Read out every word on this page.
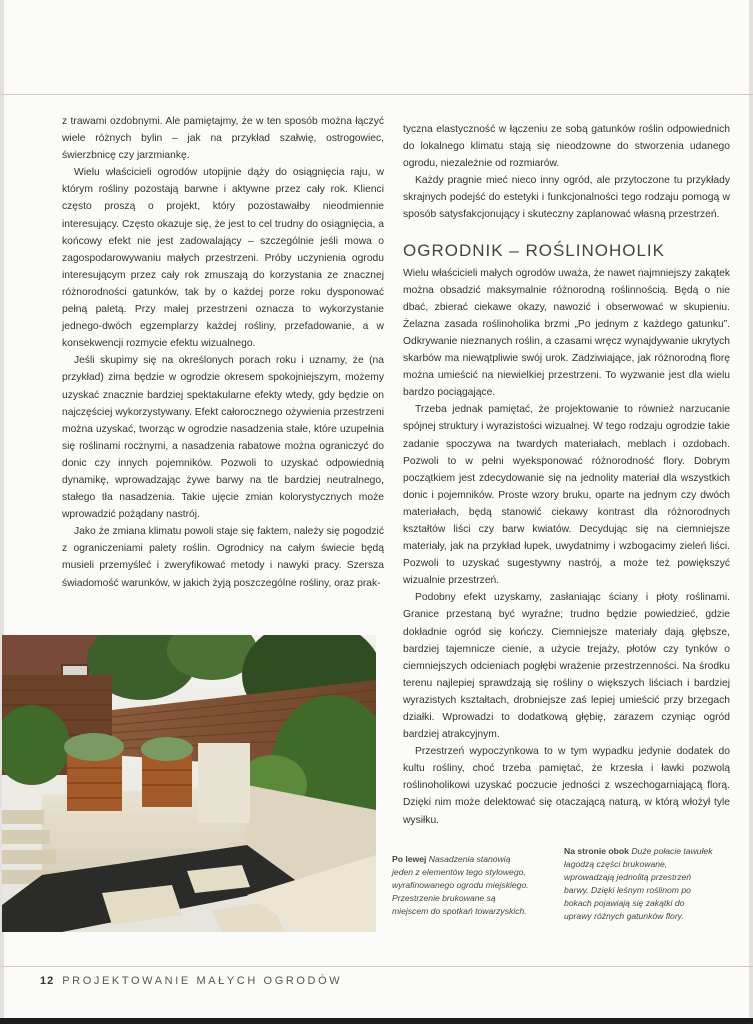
z trawami ozdobnymi. Ale pamiętajmy, że w ten sposób można łączyć wiele różnych bylin – jak na przykład szałwię, ostrogowiec, świerzbnicę czy jarzmiankę.

Wielu właścicieli ogrodów utopijnie dąży do osiągnięcia raju, w którym rośliny pozostają barwne i aktywne przez cały rok. Klienci często proszą o projekt, który pozostawałby nieodmiennie interesujący. Często okazuje się, że jest to cel trudny do osiągnięcia, a końcowy efekt nie jest zadowalający – szczególnie jeśli mowa o zagospodarowywaniu małych przestrzeni. Próby uczynienia ogrodu interesującym przez cały rok zmuszają do korzystania ze znacznej różnorodności gatunków, tak by o każdej porze roku dysponować pełną paletą. Przy małej przestrzeni oznacza to wykorzystanie jednego-dwóch egzemplarzy każdej rośliny, przefadowanie, a w konsekwencji rozmycie efektu wizualnego.

Jeśli skupimy się na określonych porach roku i uznamy, że (na przykład) zima będzie w ogrodzie okresem spokojniejszym, możemy uzyskać znacznie bardziej spektakularne efekty wtedy, gdy będzie on najczęściej wykorzystywany. Efekt całorocznego ożywienia przestrzeni można uzyskać, tworząc w ogrodzie nasadzenia stałe, które uzupełnia się roślinami rocznymi, a nasadzenia rabatowe można ograniczyć do donic czy innych pojemników. Pozwoli to uzyskać odpowiednią dynamikę, wprowadzając żywe barwy na tle bardziej neutralnego, stałego tła nasadzenia. Takie ujęcie zmian kolorystycznych może wprowadzić pożądany nastrój.

Jako że zmiana klimatu powoli staje się faktem, należy się pogodzić z ograniczeniami palety roślin. Ogrodnicy na całym świecie będą musieli przemyśleć i zweryfikować metody i nawyki pracy. Szersza świadomość warunków, w jakich żyją poszczególne rośliny, oraz prak-

tyczna elastyczność w łączeniu ze sobą gatunków roślin odpowiednich do lokalnego klimatu stają się nieodzowne do stworzenia udanego ogrodu, niezależnie od rozmiarów.

Każdy pragnie mieć nieco inny ogród, ale przytoczone tu przykłady skrajnych podejść do estetyki i funkcjonalności tego rodzaju pomogą w sposób satysfakcjonujący i skuteczny zaplanować własną przestrzeń.

OGRODNIK – ROŚLINOHOLIK

Wielu właścicieli małych ogrodów uważa, że nawet najmniejszy zakątek można obsadzić maksymalnie różnorodną roślinnością. Będą o nie dbać, zbierać ciekawe okazy, nawozić i obserwować w skupieniu. Żelazna zasada roślinoholika brzmi „Po jednym z każdego gatunku”. Odkrywanie nieznanych roślin, a czasami wręcz wynajdywanie ukrytych skarbów ma niewątpliwie swój urok. Zadziwiające, jak różnorodną florę można umieścić na niewielkiej przestrzeni. To wyzwanie jest dla wielu bardzo pociągające.

Trzeba jednak pamiętać, że projektowanie to również narzucanie spójnej struktury i wyrazistości wizualnej. W tego rodzaju ogrodzie takie zadanie spoczywa na twardych materiałach, meblach i ozdobach. Pozwoli to w pełni wyeksponować różnorodność flory. Dobrym początkiem jest zdecydowanie się na jednolity materiał dla wszystkich donic i pojemników. Proste wzory bruku, oparte na jednym czy dwóch materiałach, będą stanowić ciekawy kontrast dla różnorodnych kształtów liści czy barw kwiatów. Decydując się na ciemniejsze materiały, jak na przykład łupek, uwydatnimy i wzbogacimy zieleń liści. Pozwoli to uzyskać sugestywny nastrój, a może też powiększyć wizualnie przestrzeń.

Podobny efekt uzyskamy, zasłaniając ściany i płoty roślinami. Granice przestaną być wyraźne; trudno będzie powiedzieć, gdzie dokładnie ogród się kończy. Ciemniejsze materiały dają głębsze, bardziej tajemnicze cienie, a użycie trejaży, płotów czy tynków o ciemniejszych odcieniach pogłębi wrażenie przestrzenności. Na środku terenu najlepiej sprawdzają się rośliny o większych liściach i bardziej wyrazistych kształtach, drobniejsze zaś lepiej umieścić przy brzegach działki. Wprowadzi to dodatkową głębię, zarazem czyniąc ogród bardziej atrakcyjnym.

Przestrzeń wypoczynkowa to w tym wypadku jedynie dodatek do kultu rośliny, choć trzeba pamiętać, że krzesła i ławki pozwolą roślinoholikowi uzyskać poczucie jedności z wszechogarniającą florą. Dzięki nim może delektować się otaczającą naturą, w którą włożył tyle wysiłku.

Po lewej Nasadzenia stanowią jeden z elementów tego stylowego, wyrafinowanego ogrodu miejskiego. Przestrzenie brukowane są miejscem do spotkań towarzyskich.
Na stronie obok Duże połacie tawułek łagodzą części brukowane, wprowadzają jednolitą przestrzeń barwy. Dzięki leśnym roślinom po bokach pojawiają się zakątki do uprawy różnych gatunków flory.
12 PROJEKTOWANIE MAŁYCH OGRODÓW
